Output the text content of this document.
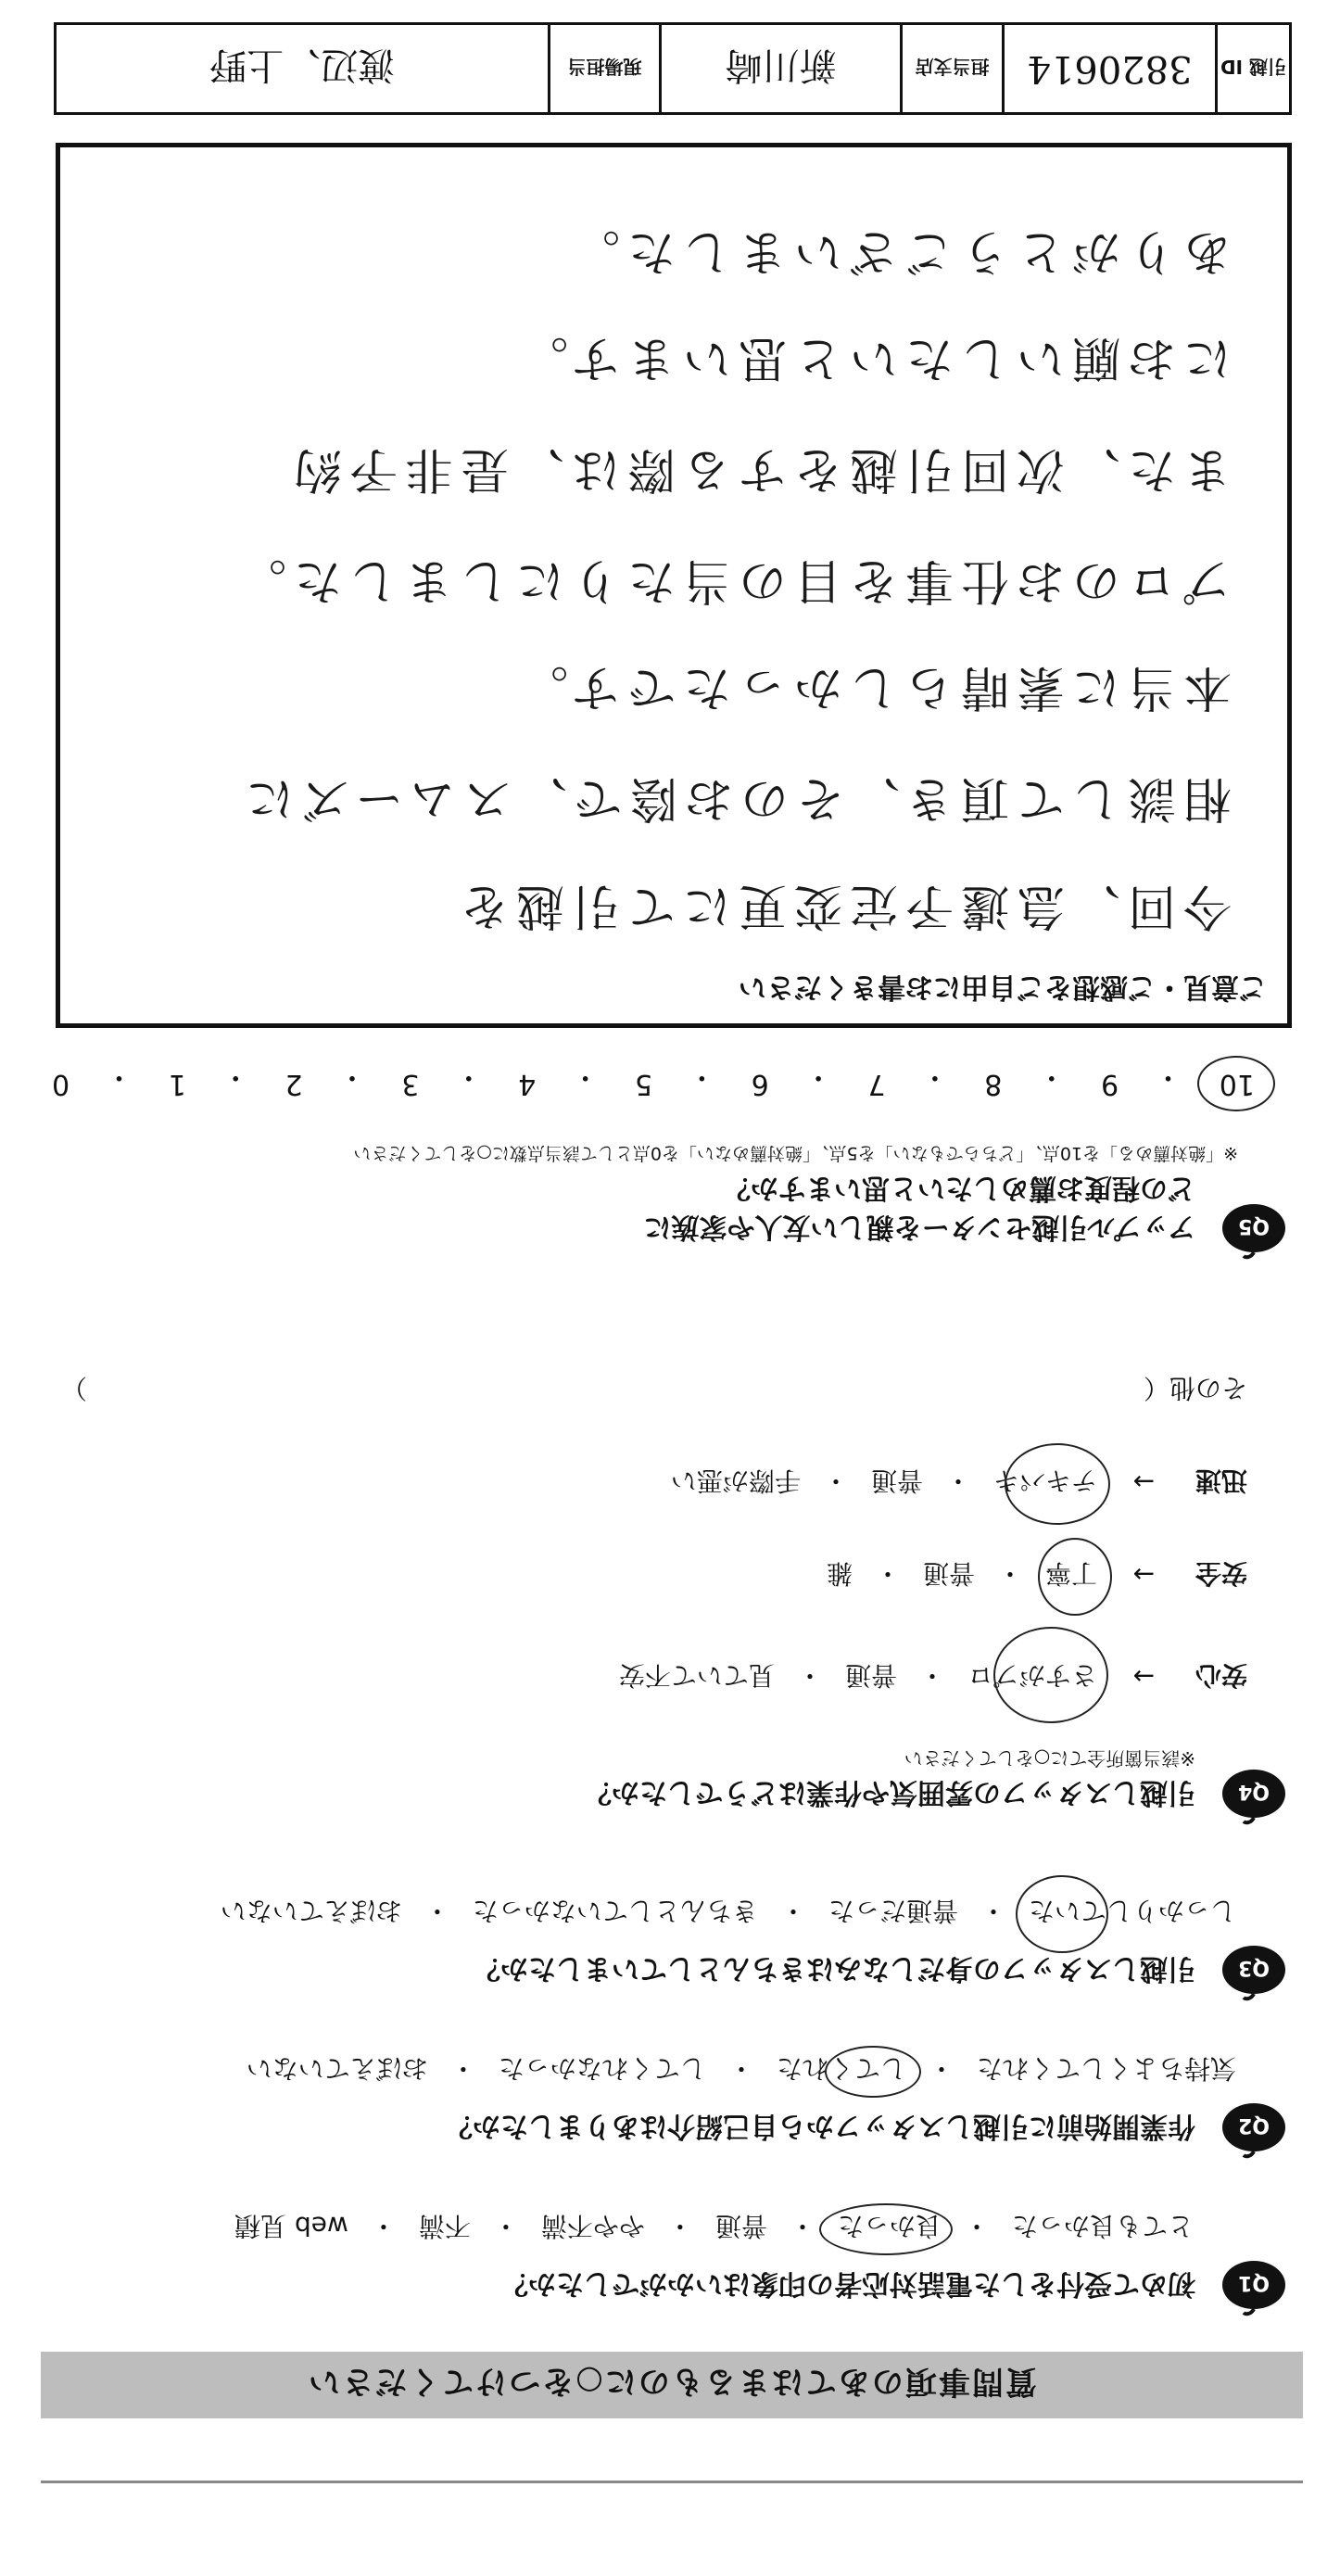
質問事項のあてはまるものに○をつけてください
Q1
初めて受付をした電話対応者の印象はいかがでしたか？
とても良かった
・
良かった
・
普通
・
やや不満
・
不満
・
web 見積
Q2
作業開始前に引越しスタッフから自己紹介はありましたか？
気持ちよくしてくれた
・
してくれた
・
してくれなかった
・
おぼえていない
Q3
引越しスタッフの身だしなみはきちんとしていましたか？
しっかりしていた
・
普通だった
・
きちんとしていなかった
・
おぼえていない
Q4
引越しスタッフの雰囲気や作業はどうでしたか？
※該当箇所全てに○をしてください
安心
→
さすがプロ
・
普通
・
見ていて不安
安全
→
丁寧
・
普通
・
雑
迅速
→
テキパキ
・
普通
・
手際が悪い
その他（
）
Q5
アップル引越センターを親しい友人や家族に
どの程度お薦めしたいと思いますか？
※「絶対薦める」を10点、「どちらでもない」を5点、「絶対薦めない」を0点として該当点数に○をしてください
10
・
9
・
8
・
7
・
6
・
5
・
4
・
3
・
2
・
1
・
0
ご意見・ご感想をご自由にお書きください
今回、急遽予定変更にて引越を
相談して頂き、そのお陰で、スムーズに
本当に素晴らしかったです。
プロのお仕事を目の当たりにしました。
また、次回引越をする際は、是非予約
にお願いしたいと思います。
ありがとうございました。
引越 ID
3820614
担当支店
新川崎
現場担当
渡辺、上野
